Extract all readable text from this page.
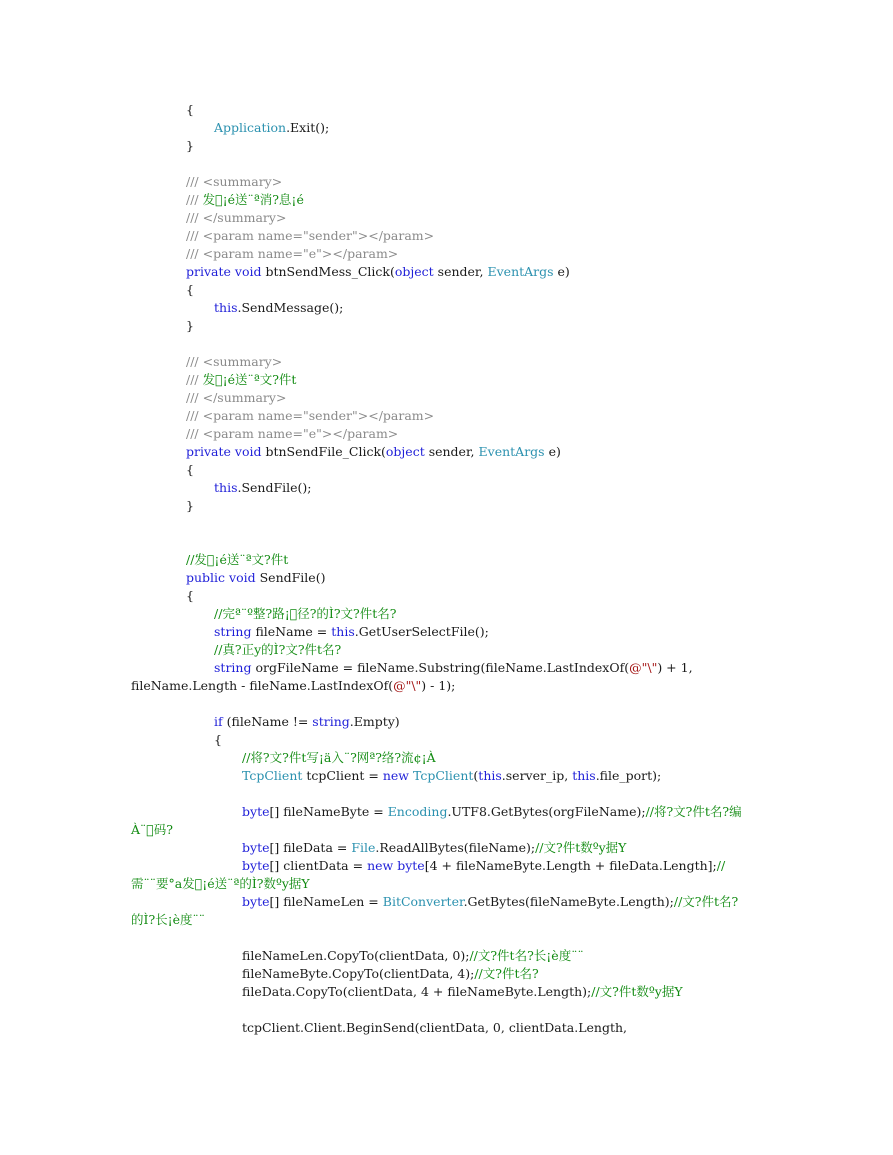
{
Application.Exit();
}
/// <summary>
/// 发 ¡é送¨ª消?息¡é
/// </summary>
/// <param name="sender"></param>
/// <param name="e"></param>
private void btnSendMess_Click(object sender, EventArgs e)
{
this.SendMessage();
}
/// <summary>
/// 发 ¡é送¨ª文?件t
/// </summary>
/// <param name="sender"></param>
/// <param name="e"></param>
private void btnSendFile_Click(object sender, EventArgs e)
{
this.SendFile();
}
//发 ¡é送¨ª文?件t
public void SendFile()
{
//完ª¨º整?路¡ 径?的Ì?文?件t名?
string fileName = this.GetUserSelectFile();
//真?正y的Ì?文?件t名?
string orgFileName = fileName.Substring(fileName.LastIndexOf(@"\") + 1,
fileName.Length - fileName.LastIndexOf(@"\") - 1);
if (fileName != string.Empty)
{
//将?文?件t写¡ä入¨?网ª?络?流¢¡À
TcpClient tcpClient = new TcpClient(this.server_ip, this.file_port);
byte[] fileNameByte = Encoding.UTF8.GetBytes(orgFileName);//将?文?件t名?编
À¨ 码?
byte[] fileData = File.ReadAllBytes(fileName);//文?件t数ºy据Y
byte[] clientData = new byte[4 + fileNameByte.Length + fileData.Length];//
需¨¨要°a发 ¡é送¨ª的Ì?数ºy据Y
byte[] fileNameLen = BitConverter.GetBytes(fileNameByte.Length);//文?件t名?
的Ì?长¡è度¨¨
fileNameLen.CopyTo(clientData, 0);//文?件t名?长¡è度¨¨
fileNameByte.CopyTo(clientData, 4);//文?件t名?
fileData.CopyTo(clientData, 4 + fileNameByte.Length);//文?件t数ºy据Y
tcpClient.Client.BeginSend(clientData, 0, clientData.Length,
